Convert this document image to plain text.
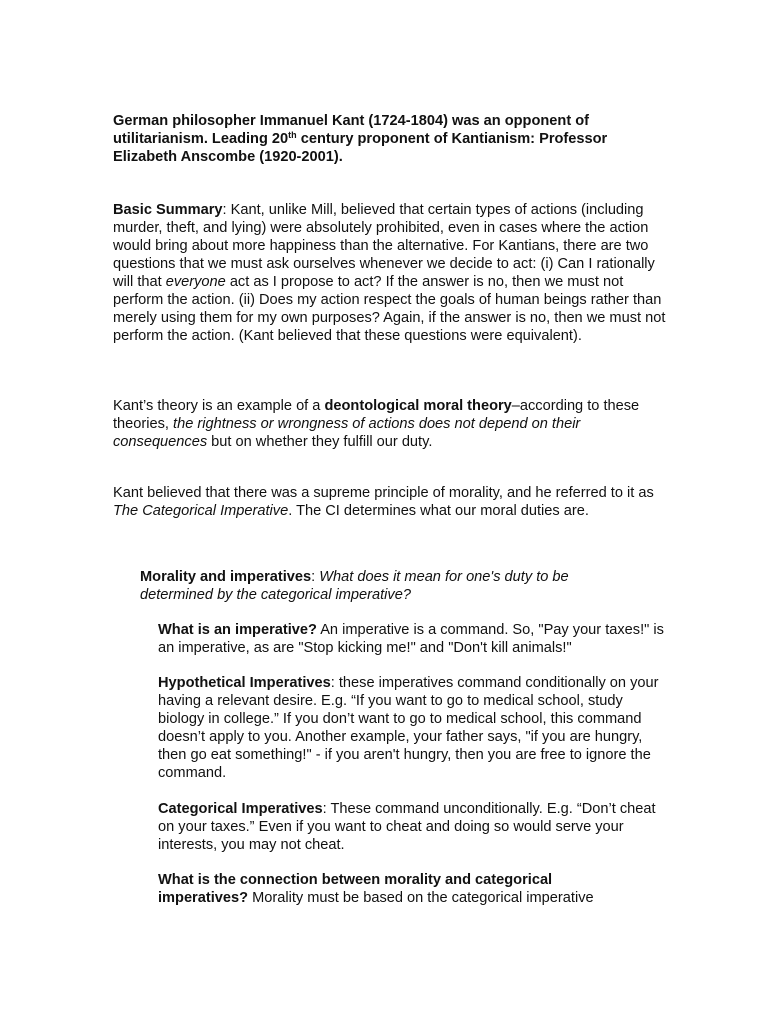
German philosopher Immanuel Kant (1724-1804) was an opponent of utilitarianism. Leading 20th century proponent of Kantianism: Professor Elizabeth Anscombe (1920-2001).

Basic Summary: Kant, unlike Mill, believed that certain types of actions (including murder, theft, and lying) were absolutely prohibited, even in cases where the action would bring about more happiness than the alternative. For Kantians, there are two questions that we must ask ourselves whenever we decide to act: (i) Can I rationally will that everyone act as I propose to act? If the answer is no, then we must not perform the action. (ii) Does my action respect the goals of human beings rather than merely using them for my own purposes? Again, if the answer is no, then we must not perform the action. (Kant believed that these questions were equivalent).

Kant’s theory is an example of a deontological moral theory–according to these theories, the rightness or wrongness of actions does not depend on their consequences but on whether they fulfill our duty.

Kant believed that there was a supreme principle of morality, and he referred to it as The Categorical Imperative. The CI determines what our moral duties are.

Morality and imperatives: What does it mean for one's duty to be determined by the categorical imperative?

What is an imperative? An imperative is a command. So, "Pay your taxes!" is an imperative, as are "Stop kicking me!" and "Don't kill animals!"

Hypothetical Imperatives: these imperatives command conditionally on your having a relevant desire. E.g. “If you want to go to medical school, study biology in college.” If you don’t want to go to medical school, this command doesn’t apply to you. Another example, your father says, "if you are hungry, then go eat something!" - if you aren't hungry, then you are free to ignore the command.

Categorical Imperatives: These command unconditionally. E.g. “Don’t cheat on your taxes.” Even if you want to cheat and doing so would serve your interests, you may not cheat.

What is the connection between morality and categorical imperatives? Morality must be based on the categorical imperative
